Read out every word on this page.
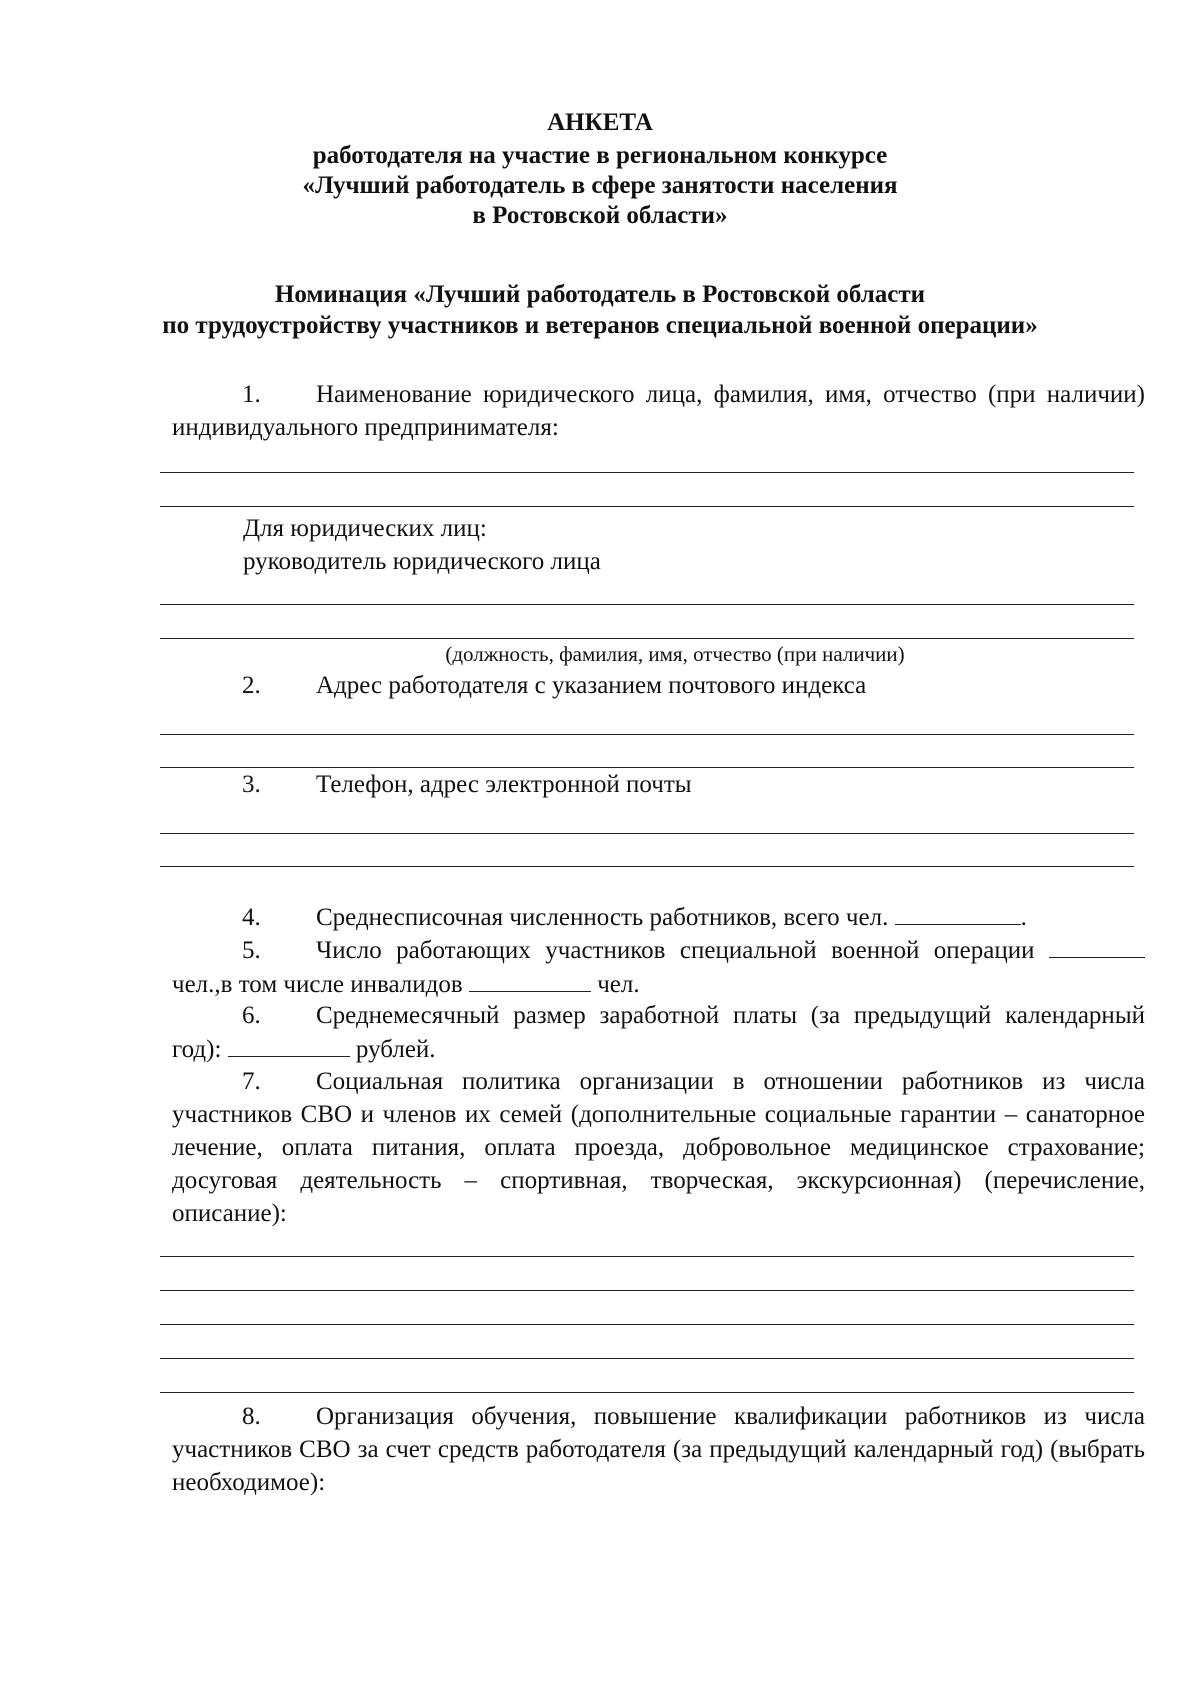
АНКЕТА
работодателя на участие в региональном конкурсе
«Лучший работодатель в сфере занятости населения
в Ростовской области»
Номинация «Лучший работодатель в Ростовской области
по трудоустройству участников и ветеранов специальной военной операции»
1. Наименование юридического лица, фамилия, имя, отчество (при наличии) индивидуального предпринимателя:
Для юридических лиц:
руководитель юридического лица
(должность, фамилия, имя, отчество (при наличии)
2. Адрес работодателя с указанием почтового индекса
3. Телефон, адрес электронной почты
4. Среднесписочная численность работников, всего чел.	.
5. Число работающих участников специальной военной операции  чел.,в том числе инвалидов	чел.
6. Среднемесячный размер заработной платы (за предыдущий календарный год):	рублей.
7. Социальная политика организации в отношении работников из числа участников СВО и членов их семей (дополнительные социальные гарантии – санаторное лечение, оплата питания, оплата проезда, добровольное медицинское страхование; досуговая деятельность – спортивная, творческая, экскурсионная) (перечисление, описание):
8. Организация обучения, повышение квалификации работников из числа участников СВО за счет средств работодателя (за предыдущий календарный год) (выбрать необходимое):
